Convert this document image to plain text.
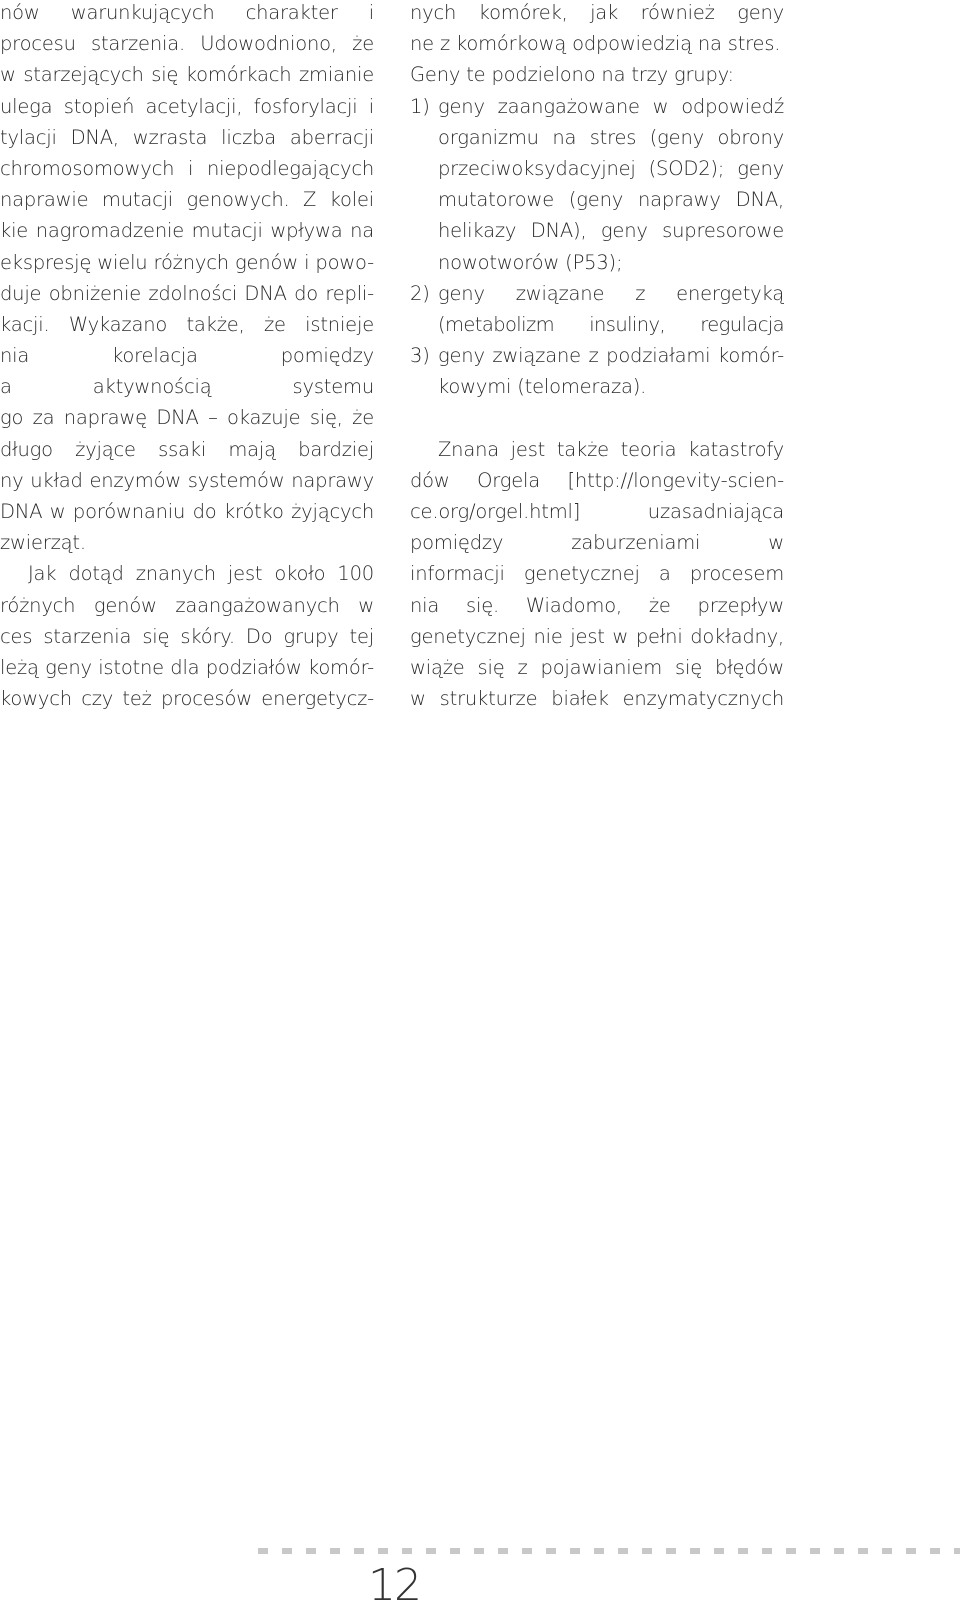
nów warunkujących charakter i
procesu starzenia. Udowodniono, że
w starzejących się komórkach zmianie
ulega stopień acetylacji, fosforylacji i
tylacji DNA, wzrasta liczba aberracji
chromosomowych i niepodlegających
naprawie mutacji genowych. Z kolei
kie nagromadzenie mutacji wpływa na
ekspresję wielu różnych genów i powo-
duje obniżenie zdolności DNA do repli-
kacji. Wykazano także, że istnieje
nia korelacja pomiędzy
a aktywnością systemu
go za naprawę DNA – okazuje się, że
długo żyjące ssaki mają bardziej
ny układ enzymów systemów naprawy
DNA w porównaniu do krótko żyjących
zwierząt.
Jak dotąd znanych jest około 100
różnych genów zaangażowanych w
ces starzenia się skóry. Do grupy tej
leżą geny istotne dla podziałów komór-
kowych czy też procesów energetycz-
nych komórek, jak również geny
ne z komórkową odpowiedzią na stres.
Geny te podzielono na trzy grupy:
1) geny zaangażowane w odpowiedź
organizmu na stres (geny obrony
przeciwoksydacyjnej (SOD2); geny
mutatorowe (geny naprawy DNA,
helikazy DNA), geny supresorowe
nowotworów (P53);
2) geny związane z energetyką
(metabolizm insuliny, regulacja
3) geny związane z podziałami komór-
kowymi (telomeraza).
Znana jest także teoria katastrofy
dów Orgela [http://longevity-scien-
ce.org/orgel.html] uzasadniająca
pomiędzy zaburzeniami w
informacji genetycznej a procesem
nia się. Wiadomo, że przepływ
genetycznej nie jest w pełni dokładny,
wiąże się z pojawianiem się błędów
w strukturze białek enzymatycznych
12
